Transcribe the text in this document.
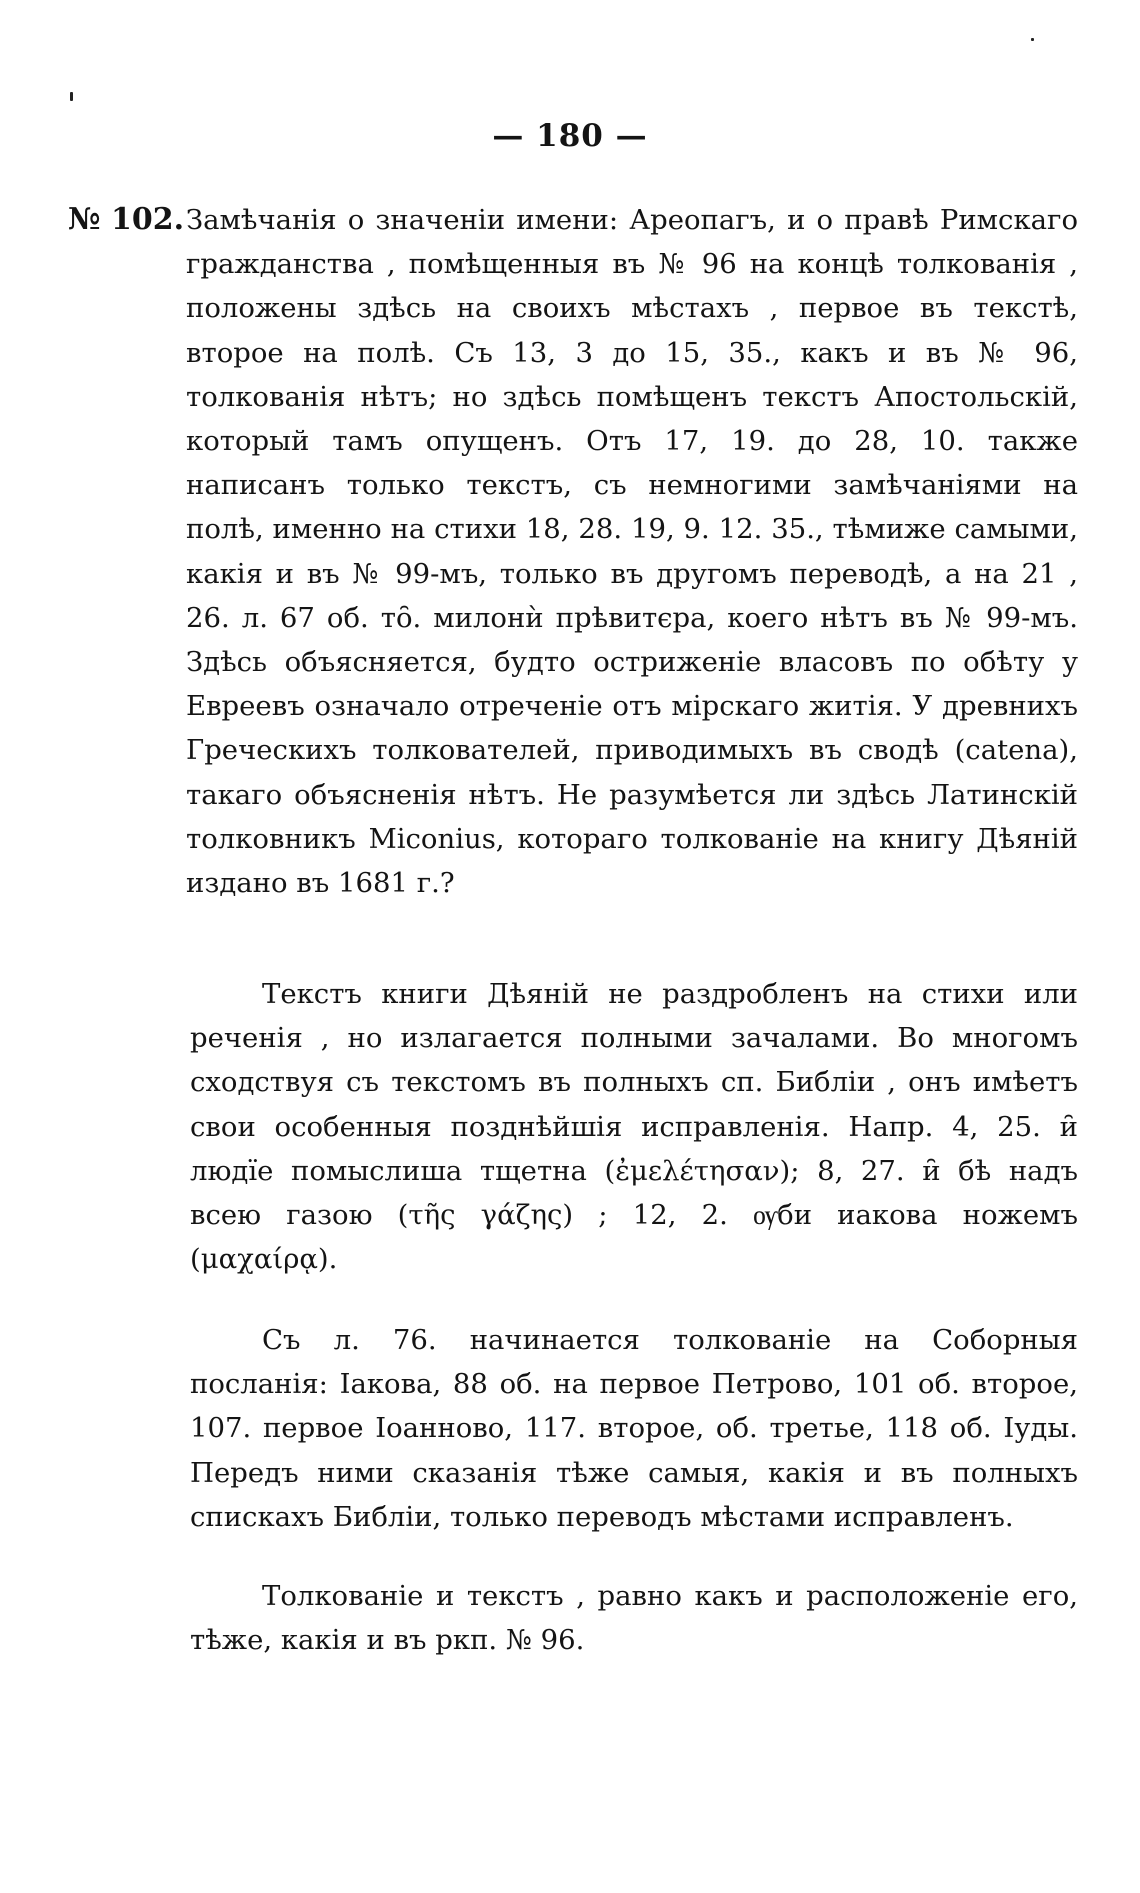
— 180 —
№ 102. Замѣчанія о значеніи имени: Ареопагъ, и о правѣ Римскаго гражданства , помѣщенныя въ № 96 на концѣ толкованія , положены здѣсь на своихъ мѣстахъ , первое въ текстѣ, второе на полѣ. Съ 13, 3 до 15, 35., какъ и въ № 96, толкованія нѣтъ; но здѣсь помѣщенъ текстъ Апостольскій, который тамъ опущенъ. Отъ 17, 19. до 28, 10. также написанъ только текстъ, съ немногими замѣчаніями на полѣ, именно на стихи 18, 28. 19, 9. 12. 35., тѣмиже самыми, какія и въ № 99-мъ, только въ другомъ переводѣ, а на 21 , 26. л. 67 об. то̑. милонѝ прѣвитєра, коего нѣтъ въ № 99-мъ. Здѣсь объясняется, будто остриженіе власовъ по обѣту у Евреевъ означало отреченіе отъ мірскаго житія. У древнихъ Греческихъ толкователей, приводимыхъ въ сводѣ (catena), такаго объясненія нѣтъ. Не разумѣется ли здѣсь Латинскій толковникъ Miconius, котораго толкованіе на книгу Дѣяній издано въ 1681 г.?
Текстъ книги Дѣяній не раздробленъ на стихи или реченія , но излагается полными зачалами. Во многомъ сходствуя съ текстомъ въ полныхъ сп. Библіи , онъ имѣетъ свои особенныя позднѣйшія исправленія. Напр. 4, 25. и̑ людїе помыслиша тщетна (ἐμελέτησαν); 8, 27. и̑ бѣ надъ всею газою (τῆς γάζης) ; 12, 2. ѹби иакова ножемъ (μαχαίρᾳ).
Съ л. 76. начинается толкованіе на Соборныя посланія: Іакова, 88 об. на первое Петрово, 101 об. второе, 107. первое Іоанново, 117. второе, об. третье, 118 об. Іуды. Передъ ними сказанія тѣже самыя, какія и въ полныхъ спискахъ Библіи, только переводъ мѣстами исправленъ.
Толкованіе и текстъ , равно какъ и расположеніе его, тѣже, какія и въ ркп. № 96.
